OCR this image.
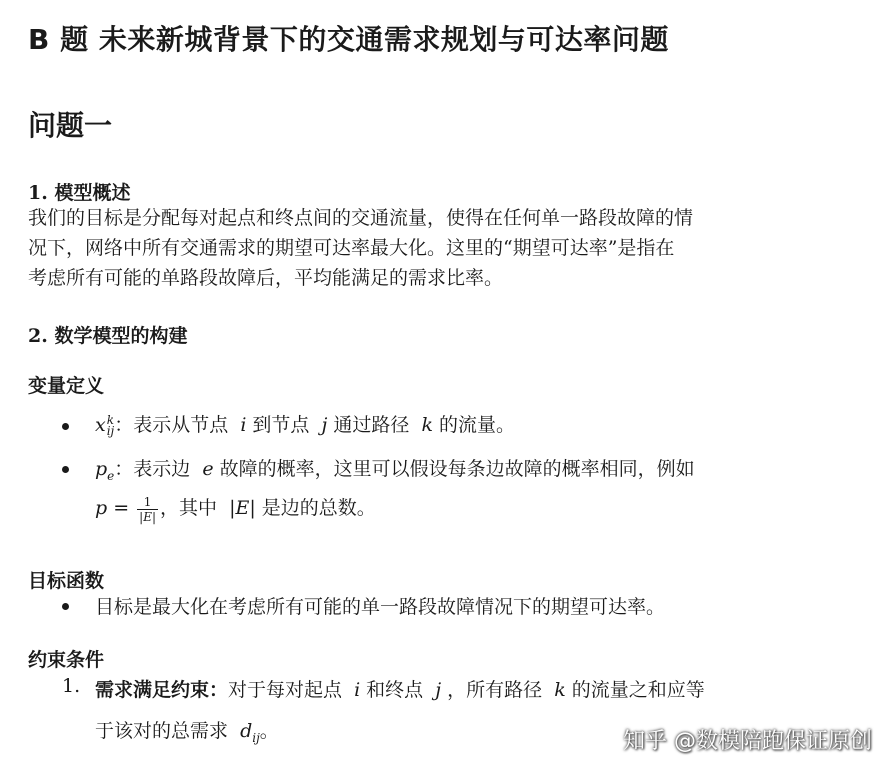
B 题 未来新城背景下的交通需求规划与可达率问题
问题一
1. 模型概述
我们的目标是分配每对起点和终点间的交通流量，使得在任何单一路段故障的情
况下，网络中所有交通需求的期望可达率最大化。这里的“期望可达率”是指在
考虑所有可能的单路段故障后，平均能满足的需求比率。
2. 数学模型的构建
变量定义
x k
ij ：表示从节点 i 到节点 j 通过路径 k 的流量。
$p_e$：表示边 e 故障的概率，这里可以假设每条边故障的概率相同，例如
$p = \frac{1}{|E|}$ ，其中 |E| 是边的总数。
目标函数
目标是最大化在考虑所有可能的单一路段故障情况下的期望可达率。
约束条件
1. 需求满足约束：对于每对起点 i 和终点 j ，所有路径 k 的流量之和应等
于该对的总需求 $d_{ij}$。	知乎 @数模陪跑保证原创
